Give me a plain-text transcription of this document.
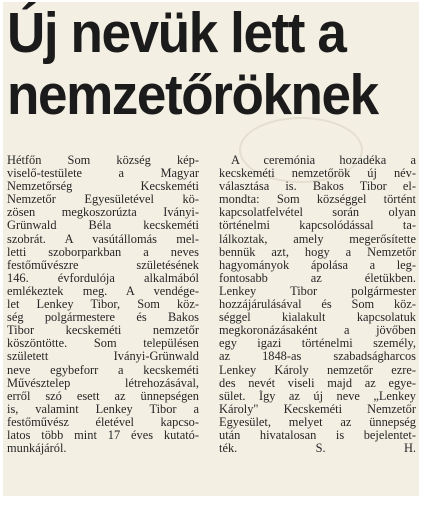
Új nevük lett a
nemzetőröknek
Hétfőn Som község kép-
viselő-testülete a Magyar
Nemzetőrség Kecskeméti
Nemzetőr Egyesületével kö-
zösen megkoszorúzta Iványi-
Grünwald Béla kecskeméti
szobrát. A vasútállomás mel-
letti szoborparkban a neves
festőművészre születésének
146. évfordulója alkalmából
emlékeztek meg. A vendége-
let Lenkey Tibor, Som köz-
ség polgármestere és Bakos
Tibor kecskeméti nemzetőr
köszöntötte. Som településen
született Iványi-Grünwald
neve egybeforr a kecskeméti
Művésztelep létrehozásával,
erről szó esett az ünnepségen
is, valamint Lenkey Tibor a
festőművész életével kapcso-
latos több mint 17 éves kutató-
munkájáról.
A ceremónia hozadéka a
kecskeméti nemzetőrök új név-
választása is. Bakos Tibor el-
mondta: Som községgel történt
kapcsolatfelvétel során olyan
történelmi kapcsolódással ta-
lálkoztak, amely megerősítette
bennük azt, hogy a Nemzetőr
hagyományok ápolása a leg-
fontosabb az életükben.
Lenkey Tibor polgármester
hozzájárulásával és Som köz-
séggel kialakult kapcsolatuk
megkoronázásaként a jövőben
egy igazi történelmi személy,
az 1848-as szabadságharcos
Lenkey Károly nemzetőr ezre-
des nevét viseli majd az egye-
sület. Így az új neve „Lenkey
Károly" Kecskeméti Nemzetőr
Egyesület, melyet az ünnepség
után hivatalosan is bejelentet-
ték. S. H.
